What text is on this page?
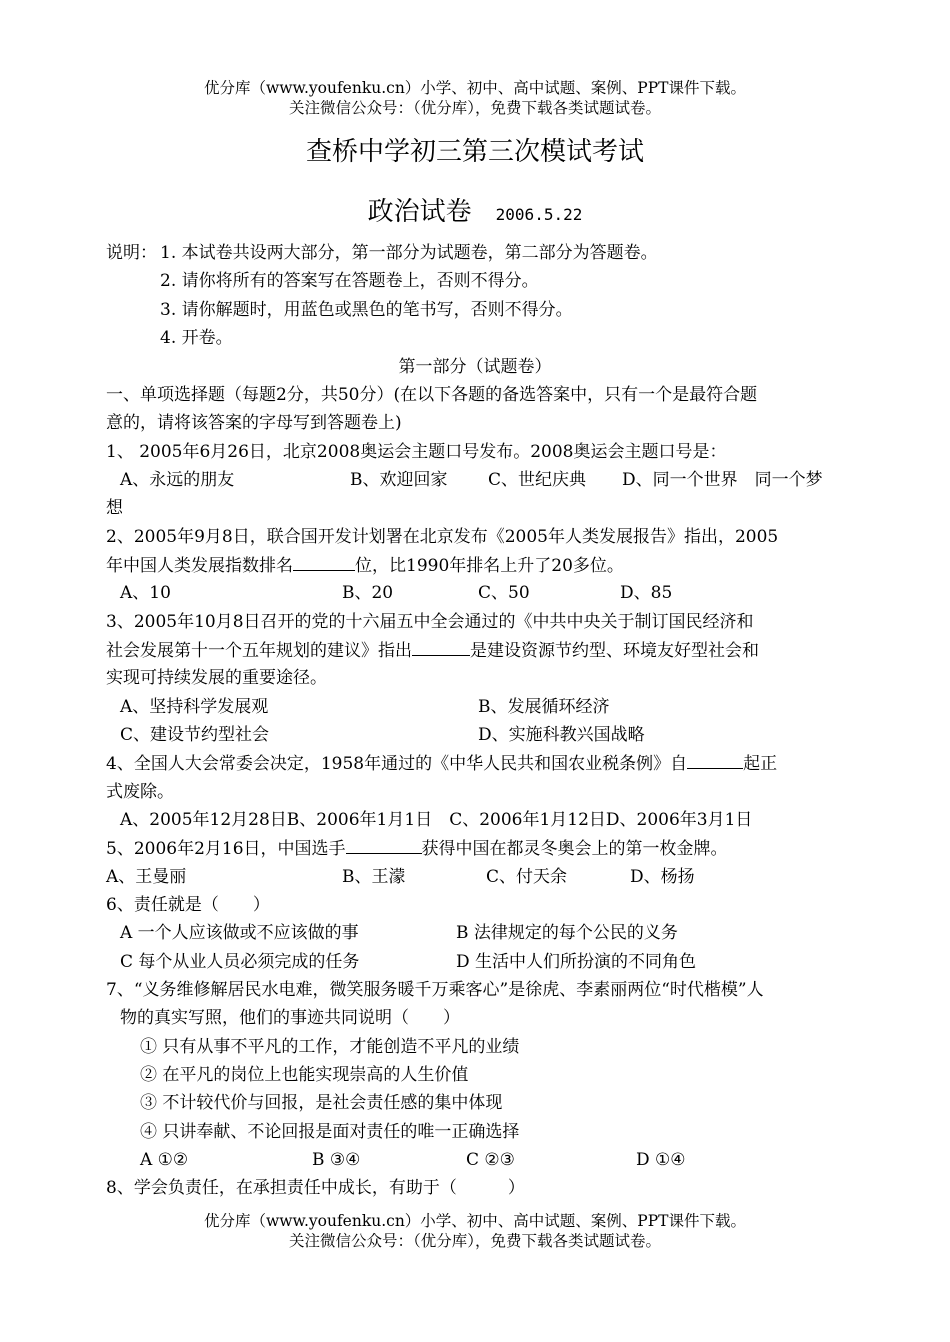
优分库（www.youfenku.cn）小学、初中、高中试题、案例、PPT课件下载。
关注微信公众号：（优分库），免费下载各类试题试卷。
查桥中学初三第三次模试考试
政治试卷 2006.5.22
说明： 1. 本试卷共设两大部分，第一部分为试题卷，第二部分为答题卷。
2. 请你将所有的答案写在答题卷上，否则不得分。
3. 请你解题时，用蓝色或黑色的笔书写，否则不得分。
4. 开卷。
第一部分（试题卷）
一、单项选择题（每题2分，共50分）(在以下各题的备选答案中，只有一个是最符合题
意的，请将该答案的字母写到答题卷上)
1、 2005年6月26日，北京2008奥运会主题口号发布。2008奥运会主题口号是：
A、永远的朋友	B、欢迎回家 C、世纪庆典 D、同一个世界　同一个梦
想
2、2005年9月8日，联合国开发计划署在北京发布《2005年人类发展报告》指出，2005
年中国人类发展指数排名	位，比1990年排名上升了20多位。
A、10	B、20	C、50	D、85
3、2005年10月8日召开的党的十六届五中全会通过的《中共中央关于制订国民经济和
社会发展第十一个五年规划的建议》指出	是建设资源节约型、环境友好型社会和
实现可持续发展的重要途径。
A、坚持科学发展观	B、发展循环经济
C、建设节约型社会	D、实施科教兴国战略
4、全国人大会常委会决定，1958年通过的《中华人民共和国农业税条例》自	起正
式废除。
A、2005年12月28日B、2006年1月1日　C、2006年1月12日D、2006年3月1日
5、2006年2月16日，中国选手	获得中国在都灵冬奥会上的第一枚金牌。
A、王曼丽	B、王濛	C、付天余	D、杨扬
6、责任就是（　　）
A 一个人应该做或不应该做的事	B 法律规定的每个公民的义务
C 每个从业人员必须完成的任务	D 生活中人们所扮演的不同角色
7、“义务维修解居民水电难，微笑服务暖千万乘客心”是徐虎、李素丽两位“时代楷模”人
物的真实写照，他们的事迹共同说明（　　）
① 只有从事不平凡的工作，才能创造不平凡的业绩
② 在平凡的岗位上也能实现崇高的人生价值
③ 不计较代价与回报，是社会责任感的集中体现
④ 只讲奉献、不论回报是面对责任的唯一正确选择
A ①②	B ③④	C ②③	D ①④
8、学会负责任，在承担责任中成长，有助于（　　　）
优分库（www.youfenku.cn）小学、初中、高中试题、案例、PPT课件下载。
关注微信公众号：（优分库），免费下载各类试题试卷。
